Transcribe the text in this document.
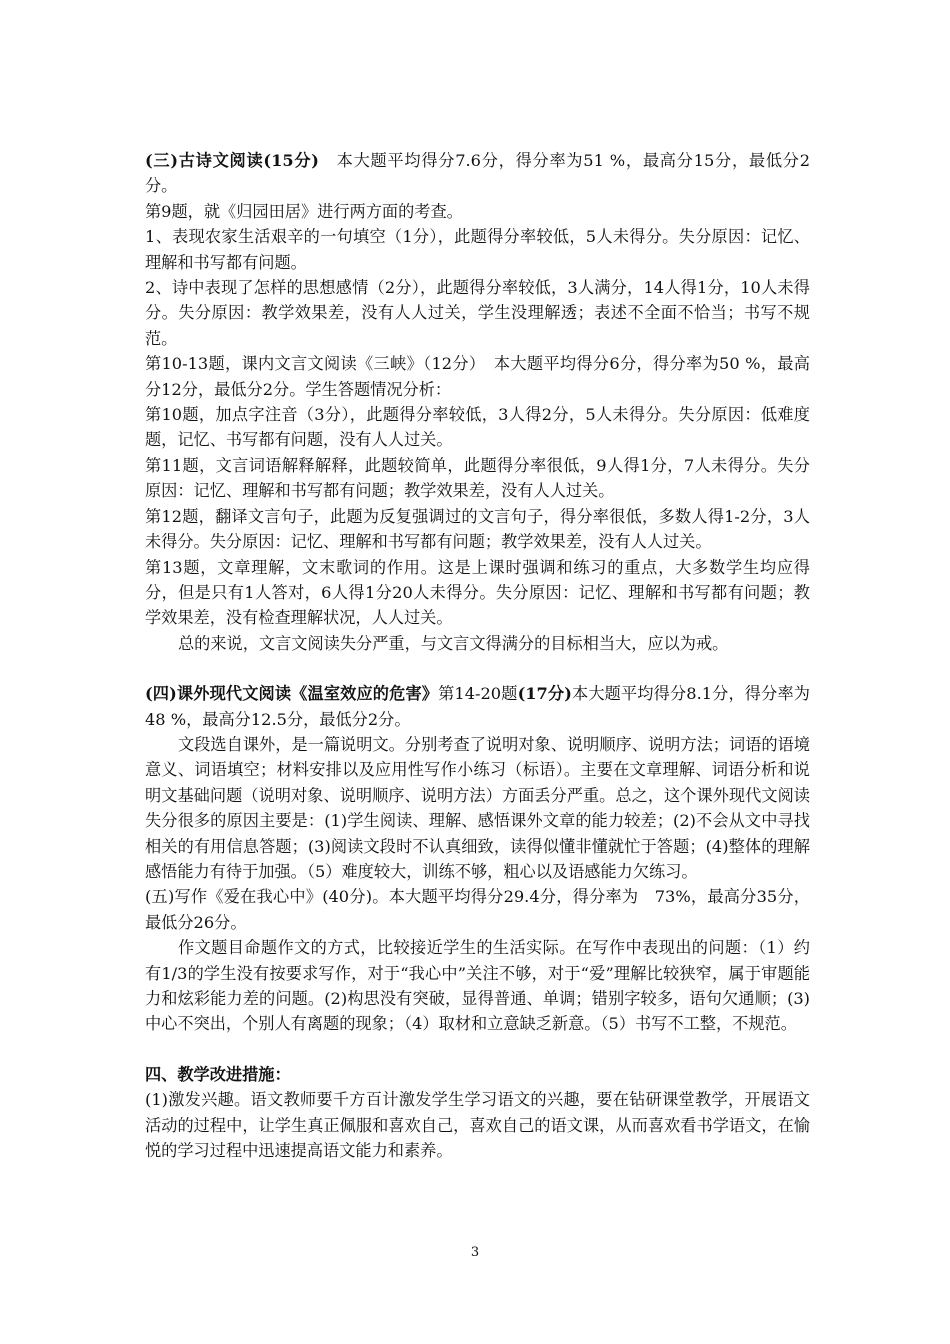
(三)古诗文阅读(15分)　本大题平均得分7.6分，得分率为51 %，最高分15分，最低分2分。

第9题，就《归园田居》进行两方面的考查。

1、表现农家生活艰辛的一句填空（1分），此题得分率较低，5人未得分。失分原因：记忆、理解和书写都有问题。

2、诗中表现了怎样的思想感情（2分），此题得分率较低，3人满分，14人得1分，10人未得分。失分原因：教学效果差，没有人人过关，学生没理解透；表述不全面不恰当；书写不规范。

第10-13题，课内文言文阅读《三峡》（12分）　本大题平均得分6分，得分率为50 %，最高分12分，最低分2分。学生答题情况分析：

第10题，加点字注音（3分），此题得分率较低，3人得2分，5人未得分。失分原因：低难度题，记忆、书写都有问题，没有人人过关。

第11题，文言词语解释解释，此题较简单，此题得分率很低，9人得1分，7人未得分。失分原因：记忆、理解和书写都有问题；教学效果差，没有人人过关。

第12题，翻译文言句子，此题为反复强调过的文言句子，得分率很低，多数人得1-2分，3人未得分。失分原因：记忆、理解和书写都有问题；教学效果差，没有人人过关。

第13题，文章理解，文末歌词的作用。这是上课时强调和练习的重点，大多数学生均应得分，但是只有1人答对，6人得1分20人未得分。失分原因：记忆、理解和书写都有问题；教学效果差，没有检查理解状况，人人过关。

总的来说，文言文阅读失分严重，与文言文得满分的目标相当大，应以为戒。

(四)课外现代文阅读《温室效应的危害》第14-20题(17分)本大题平均得分8.1分，得分率为48 %，最高分12.5分，最低分2分。

文段选自课外，是一篇说明文。分别考查了说明对象、说明顺序、说明方法；词语的语境意义、词语填空；材料安排以及应用性写作小练习（标语）。主要在文章理解、词语分析和说明文基础问题（说明对象、说明顺序、说明方法）方面丢分严重。总之，这个课外现代文阅读失分很多的原因主要是：(1)学生阅读、理解、感悟课外文章的能力较差；(2)不会从文中寻找相关的有用信息答题；(3)阅读文段时不认真细致，读得似懂非懂就忙于答题；(4)整体的理解感悟能力有待于加强。（5）难度较大，训练不够，粗心以及语感能力欠练习。

(五)写作《爱在我心中》(40分)。本大题平均得分29.4分，得分率为　73%，最高分35分，最低分26分。

作文题目命题作文的方式，比较接近学生的生活实际。在写作中表现出的问题：（1）约有1/3的学生没有按要求写作，对于“我心中”关注不够，对于“爱”理解比较狭窄，属于审题能力和炫彩能力差的问题。(2)构思没有突破，显得普通、单调；错别字较多，语句欠通顺；(3)中心不突出，个别人有离题的现象；（4）取材和立意缺乏新意。（5）书写不工整，不规范。

四、教学改进措施：

(1)激发兴趣。语文教师要千方百计激发学生学习语文的兴趣，要在钻研课堂教学，开展语文活动的过程中，让学生真正佩服和喜欢自己，喜欢自己的语文课，从而喜欢看书学语文，在愉悦的学习过程中迅速提高语文能力和素养。

3
